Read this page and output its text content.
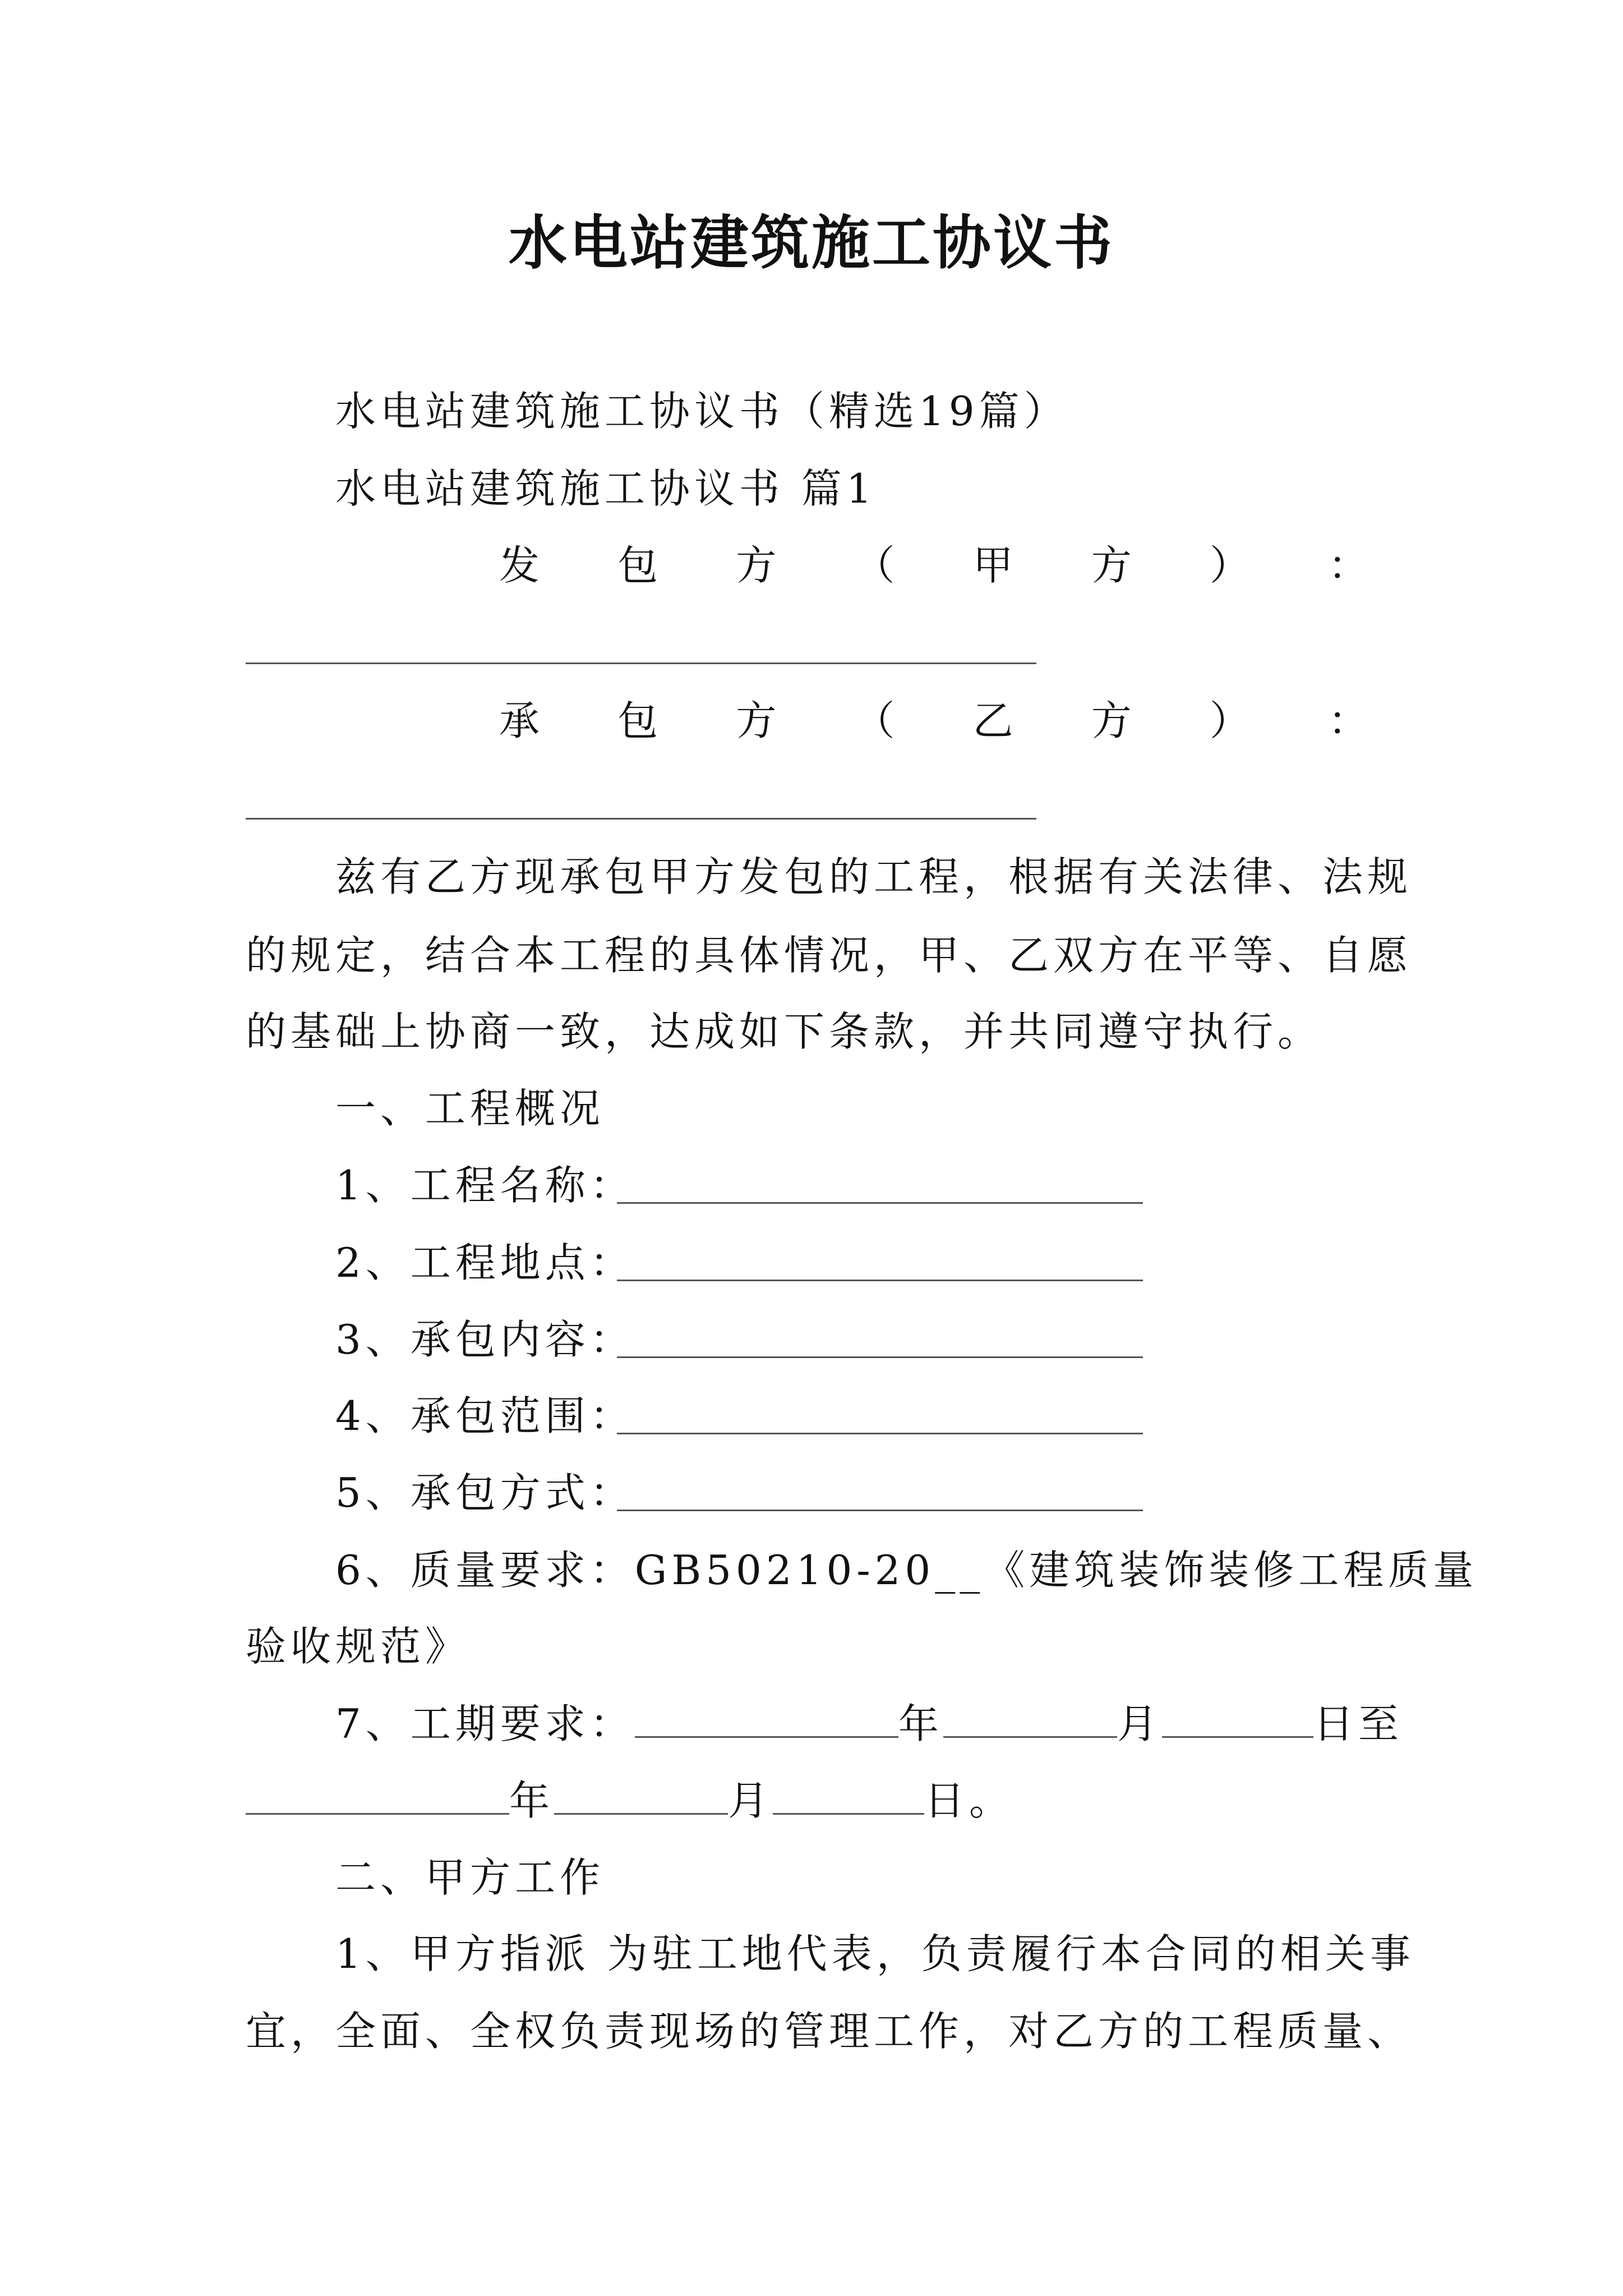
水电站建筑施工协议书
水电站建筑施工协议书（精选19篇）
水电站建筑施工协议书 篇1
发 包 方 （ 甲 方 ） ：
承 包 方 （ 乙 方 ） ：
兹有乙方现承包甲方发包的工程，根据有关法律、法规
的规定，结合本工程的具体情况，甲、乙双方在平等、自愿
的基础上协商一致，达成如下条款，并共同遵守执行。
一、工程概况
1、工程名称：
2、工程地点：
3、承包内容：
4、承包范围：
5、承包方式：
6、质量要求：GB50210-20__《建筑装饰装修工程质量
验收规范》
7、工期要求：	年	月	日至
年	月	日。
二、甲方工作
1、甲方指派 为驻工地代表，负责履行本合同的相关事
宜，全面、全权负责现场的管理工作，对乙方的工程质量、
